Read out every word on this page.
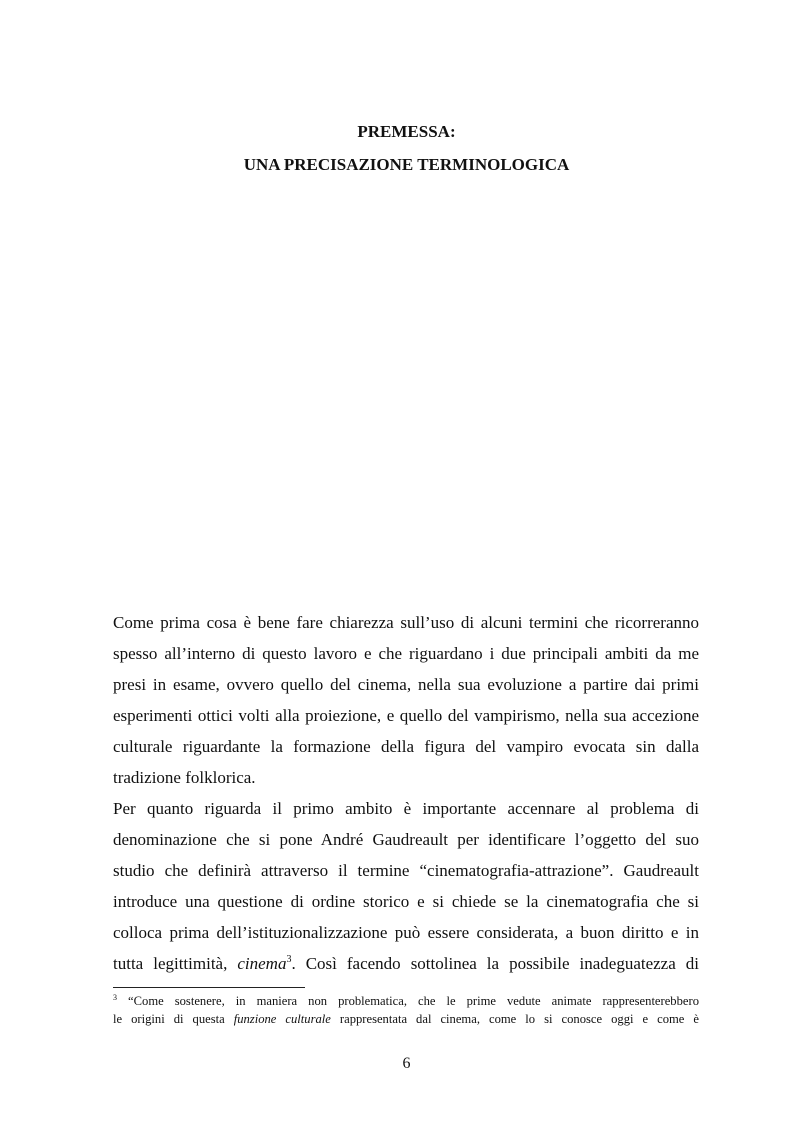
PREMESSA:
UNA PRECISAZIONE TERMINOLOGICA

Come prima cosa è bene fare chiarezza sull’uso di alcuni termini che ricorreranno
spesso all’interno di questo lavoro e che riguardano i due principali ambiti da me
presi in esame, ovvero quello del cinema, nella sua evoluzione a partire dai primi
esperimenti ottici volti alla proiezione, e quello del vampirismo, nella sua accezione
culturale riguardante la formazione della figura del vampiro evocata sin dalla
tradizione folklorica.

Per quanto riguarda il primo ambito è importante accennare al problema di
denominazione che si pone André Gaudreault per identificare l’oggetto del suo
studio che definirà attraverso il termine “cinematografia-attrazione”. Gaudreault
introduce una questione di ordine storico e si chiede se la cinematografia che si
colloca prima dell’istituzionalizzazione può essere considerata, a buon diritto e in
tutta legittimità, cinema$^3$. Così facendo sottolinea la possibile inadeguatezza di

$^3$ “Come sostenere, in maniera non problematica, che le prime vedute animate rappresenterebbero
le origini di questa funzione culturale rappresentata dal cinema, come lo si conosce oggi e come è
6
